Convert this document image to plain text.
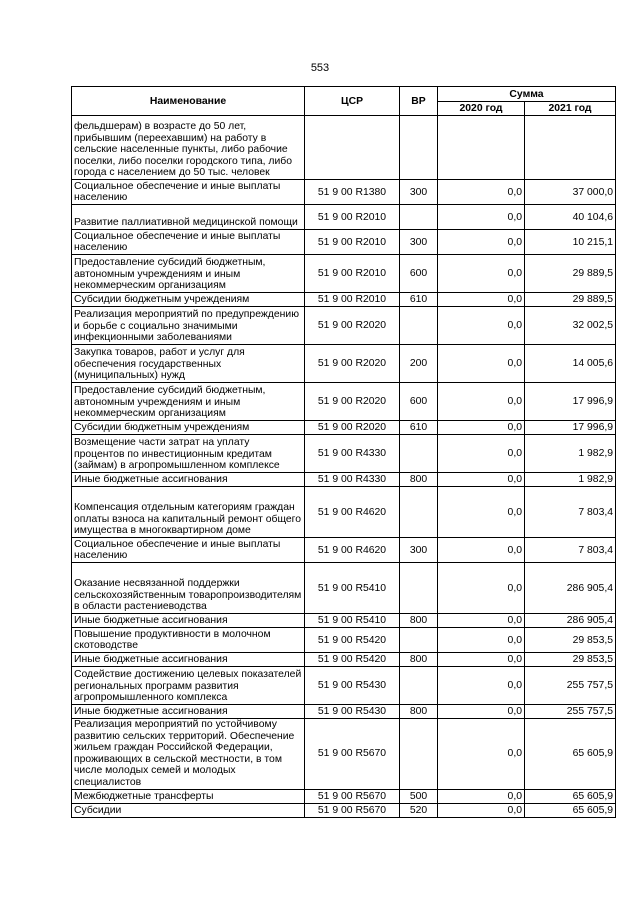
553
Наименование	ЦСР	ВР	Сумма	
			2020 год	2021 год
фельдшерам) в возрасте до 50 лет, прибывшим (переехавшим) на работу в сельские населенные пункты, либо рабочие поселки, либо поселки городского типа, либо города с населением до 50 тыс. человек				
Социальное обеспечение и иные выплаты населению	51 9 00 R1380	300	0,0	37 000,0
Развитие паллиативной медицинской помощи	51 9 00 R2010		0,0	40 104,6
Социальное обеспечение и иные выплаты населению	51 9 00 R2010	300	0,0	10 215,1
Предоставление субсидий бюджетным, автономным учреждениям и иным некоммерческим организациям	51 9 00 R2010	600	0,0	29 889,5
Субсидии бюджетным учреждениям	51 9 00 R2010	610	0,0	29 889,5
Реализация мероприятий по предупреждению и борьбе с социально значимыми инфекционными заболеваниями	51 9 00 R2020		0,0	32 002,5
Закупка товаров, работ и услуг для обеспечения государственных (муниципальных) нужд	51 9 00 R2020	200	0,0	14 005,6
Предоставление субсидий бюджетным, автономным учреждениям и иным некоммерческим организациям	51 9 00 R2020	600	0,0	17 996,9
Субсидии бюджетным учреждениям	51 9 00 R2020	610	0,0	17 996,9
Возмещение части затрат на уплату процентов по инвестиционным кредитам (займам) в агропромышленном комплексе	51 9 00 R4330		0,0	1 982,9
Иные бюджетные ассигнования	51 9 00 R4330	800	0,0	1 982,9
Компенсация отдельным категориям граждан оплаты взноса на капитальный ремонт общего имущества в многоквартирном доме	51 9 00 R4620		0,0	7 803,4
Социальное обеспечение и иные выплаты населению	51 9 00 R4620	300	0,0	7 803,4
Оказание несвязанной поддержки сельскохозяйственным товаропроизводителям в области растениеводства	51 9 00 R5410		0,0	286 905,4
Иные бюджетные ассигнования	51 9 00 R5410	800	0,0	286 905,4
Повышение продуктивности в молочном скотоводстве	51 9 00 R5420		0,0	29 853,5
Иные бюджетные ассигнования	51 9 00 R5420	800	0,0	29 853,5
Содействие достижению целевых показателей региональных программ развития агропромышленного комплекса	51 9 00 R5430		0,0	255 757,5
Иные бюджетные ассигнования	51 9 00 R5430	800	0,0	255 757,5
Реализация мероприятий по устойчивому развитию сельских территорий. Обеспечение жильем граждан Российской Федерации, проживающих в сельской местности, в том числе молодых семей и молодых специалистов	51 9 00 R5670		0,0	65 605,9
Межбюджетные трансферты	51 9 00 R5670	500	0,0	65 605,9
Субсидии	51 9 00 R5670	520	0,0	65 605,9
